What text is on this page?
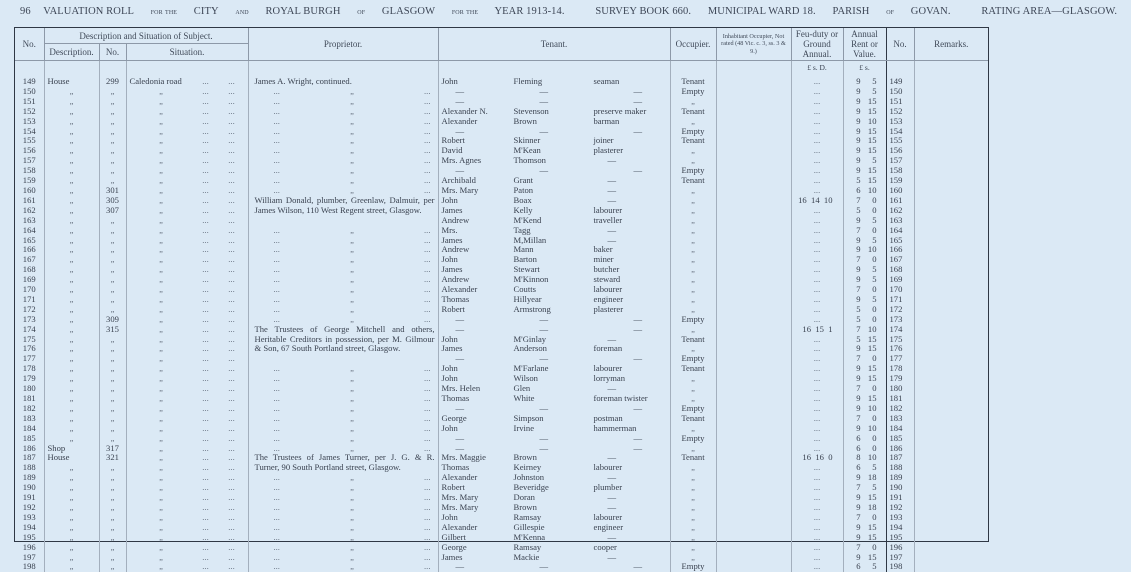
96 VALUATION ROLL for the CITY and ROYAL BURGH of GLASGOW for the YEAR 1913-14.	SURVEY BOOK 660. MUNICIPAL WARD 18. PARISH of GOVAN.	RATING AREA—GLASGOW.
No.	Description and Situation of Subject.			Proprietor.	Tenant.	Occupier.	Inhabitant Occupier, Not rated (48 Vic. c. 3, ss. 3 & 9.)	Feu-duty or Ground Annual.	Annual Rent or Value.	No.	Remarks.
	Description.	No.	Situation.								
								£ s. D.	£ s.		
149	House	299	Caledonia road ... ...	James A. Wright, continued.	John Fleming seaman	Tenant		...	9 5	149	
150	„	„	„ ... ...	... „ ...	— — —	Empty		...	9 5	150	
151	„	„	„ ... ...	... „ ...	— — —	„		...	9 15	151	
152	„	„	„ ... ...	... „ ...	Alexander N. Stevenson preserve maker	Tenant		...	9 15	152	
153	„	„	„ ... ...	... „ ...	Alexander Brown barman	„		...	9 10	153	
154	„	„	„ ... ...	... „ ...	— — —	Empty		...	9 15	154	
155	„	„	„ ... ...	... „ ...	Robert Skinner joiner	Tenant		...	9 15	155	
156	„	„	„ ... ...	... „ ...	David M'Kean plasterer	„		...	9 15	156	
157	„	„	„ ... ...	... „ ...	Mrs. Agnes Thomson —	„		...	9 5	157	
158	„	„	„ ... ...	... „ ...	— — —	Empty		...	9 15	158	
159	„	„	„ ... ...	... „ ...	Archibald Grant —	Tenant		...	5 15	159	
160	„	301	„ ... ...	... „ ...	Mrs. Mary Paton —	„		...	6 10	160	
161	„	305	„ ... ...	William Donald, plumber, Greenlaw, Dalmuir, per James Wilson, 110 West Regent street, Glasgow.	John Boax —	„		16  14  10	7 0	161	
162	„	307	„ ... ...		James Kelly labourer	„		...	5 0	162	
163	„	„	„ ... ...		Andrew M'Kend traveller	„		...	9 5	163	
164	„	„	„ ... ...	... „ ...	Mrs. Tagg —	„		...	7 0	164	
165	„	„	„ ... ...	... „ ...	James M,Millan —	„		...	9 5	165	
166	„	„	„ ... ...	... „ ...	Andrew Mann baker	„		...	9 10	166	
167	„	„	„ ... ...	... „ ...	John Barton miner	„		...	7 0	167	
168	„	„	„ ... ...	... „ ...	James Stewart butcher	„		...	9 5	168	
169	„	„	„ ... ...	... „ ...	Andrew M'Kinnon steward	„		...	9 5	169	
170	„	„	„ ... ...	... „ ...	Alexander Coutts labourer	„		...	7 0	170	
171	„	„	„ ... ...	... „ ...	Thomas Hillyear engineer	„		...	9 5	171	
172	„	„	„ ... ...	... „ ...	Robert Armstrong plasterer	„		...	5 0	172	
173	„	309	„ ... ...	... „ ...	— — —	Empty		...	5 0	173	
174	„	315	„ ... ...	The Trustees of George Mitchell and others, Heritable Creditors in possession, per M. Gilmour & Son, 67 South Portland street, Glasgow.	— — —	„		16  15  1	7 10	174	
175	„	„	„ ... ...		John M'Ginlay —	Tenant		...	5 15	175	
176	„	„	„ ... ...		James Anderson foreman	„		...	9 15	176	
177	„	„	„ ... ...		— — —	Empty		...	7 0	177	
178	„	„	„ ... ...	... „ ...	John M'Farlane labourer	Tenant		...	9 15	178	
179	„	„	„ ... ...	... „ ...	John Wilson lorryman	„		...	9 15	179	
180	„	„	„ ... ...	... „ ...	Mrs. Helen Glen —	„		...	7 0	180	
181	„	„	„ ... ...	... „ ...	Thomas White foreman twister	„		...	9 15	181	
182	„	„	„ ... ...	... „ ...	— — —	Empty		...	9 10	182	
183	„	„	„ ... ...	... „ ...	George Simpson postman	Tenant		...	7 0	183	
184	„	„	„ ... ...	... „ ...	John Irvine hammerman	„		...	9 10	184	
185	„	„	„ ... ...	... „ ...	— — —	Empty		...	6 0	185	
186	Shop	317	„ ... ...	... „ ...	— — —	„		...	6 0	186	
187	House	321	„ ... ...	The Trustees of James Turner, per J. G. & R. Turner, 90 South Portland street, Glasgow.	Mrs. Maggie Brown —	Tenant		16  16  0	8 10	187	
188	„	„	„ ... ...		Thomas Keirney labourer	„		...	6 5	188	
189	„	„	„ ... ...	... „ ...	Alexander Johnston —	„		...	9 18	189	
190	„	„	„ ... ...	... „ ...	Robert Beveridge plumber	„		...	7 5	190	
191	„	„	„ ... ...	... „ ...	Mrs. Mary Doran —	„		...	9 15	191	
192	„	„	„ ... ...	... „ ...	Mrs. Mary Brown —	„		...	9 18	192	
193	„	„	„ ... ...	... „ ...	John Ramsay labourer	„		...	7 0	193	
194	„	„	„ ... ...	... „ ...	Alexander Gillespie engineer	„		...	9 15	194	
195	„	„	„ ... ...	... „ ...	Gilbert M'Kenna —	„		...	9 15	195	
196	„	„	„ ... ...	... „ ...	George Ramsay cooper	„		...	7 0	196	
197	„	„	„ ... ...	... „ ...	James Mackie —	„		...	9 15	197	
198	„	„	„ ... ...	... „ ...	— — —	Empty		...	6 5	198	
